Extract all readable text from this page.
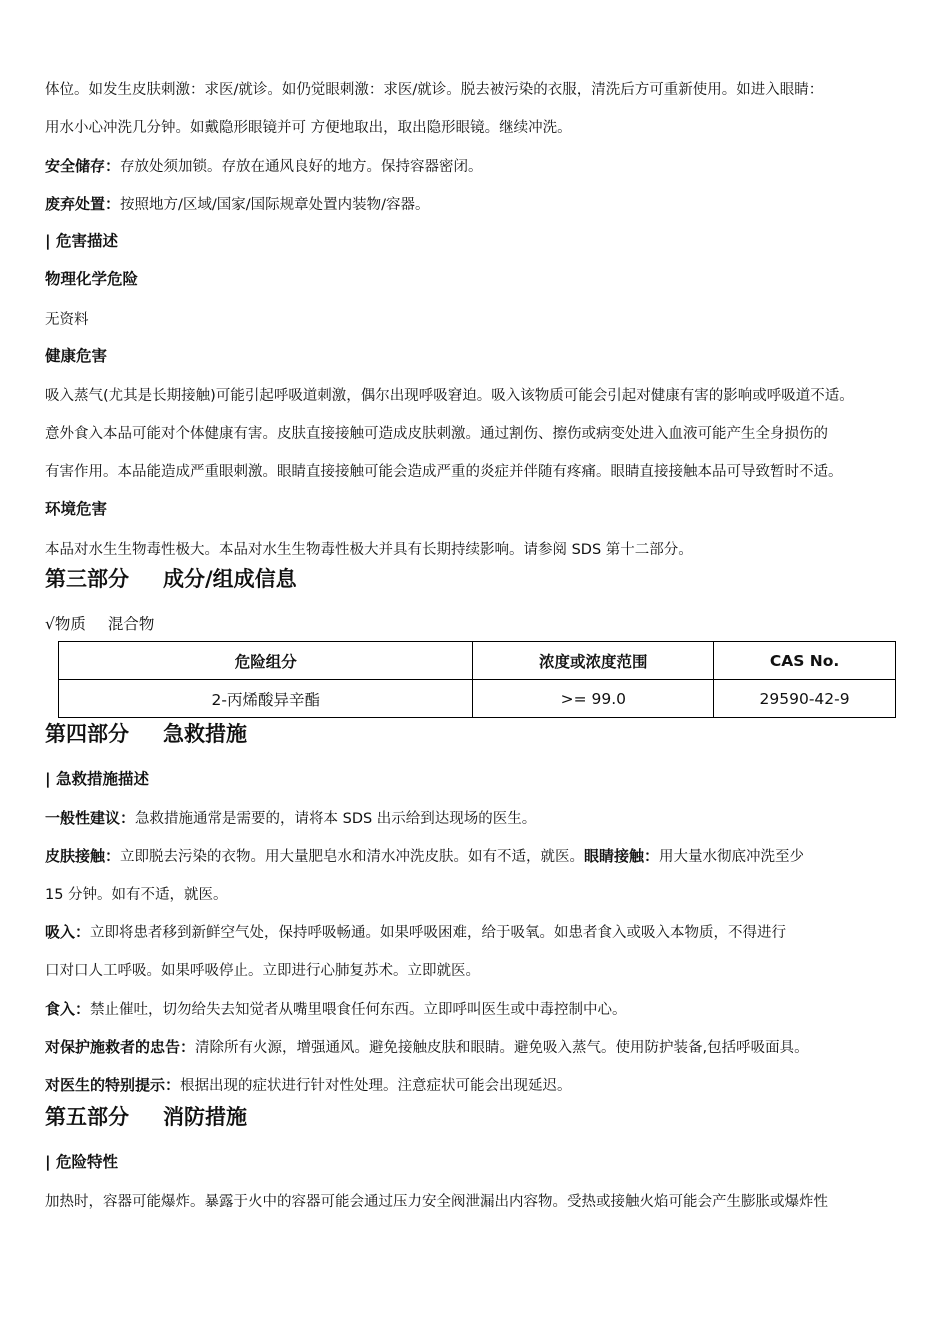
体位。如发生皮肤刺激：求医/就诊。如仍觉眼刺激：求医/就诊。脱去被污染的衣服，清洗后方可重新使用。如进入眼睛：
用水小心冲洗几分钟。如戴隐形眼镜并可 方便地取出，取出隐形眼镜。继续冲洗。
安全储存：存放处须加锁。存放在通风良好的地方。保持容器密闭。
废弃处置：按照地方/区域/国家/国际规章处置内装物/容器。
| 危害描述
物理化学危险
无资料
健康危害
吸入蒸气(尤其是长期接触)可能引起呼吸道刺激，偶尔出现呼吸窘迫。吸入该物质可能会引起对健康有害的影响或呼吸道不适。
意外食入本品可能对个体健康有害。皮肤直接接触可造成皮肤刺激。通过割伤、擦伤或病变处进入血液可能产生全身损伤的
有害作用。本品能造成严重眼刺激。眼睛直接接触可能会造成严重的炎症并伴随有疼痛。眼睛直接接触本品可导致暂时不适。
环境危害
本品对水生生物毒性极大。本品对水生生物毒性极大并具有长期持续影响。请参阅 SDS 第十二部分。
第三部分 成分/组成信息
√物质 混合物
危险组分	浓度或浓度范围	CAS No.
2-丙烯酸异辛酯	>= 99.0	29590-42-9
第四部分 急救措施
| 急救措施描述
一般性建议：急救措施通常是需要的，请将本 SDS 出示给到达现场的医生。
皮肤接触：立即脱去污染的衣物。用大量肥皂水和清水冲洗皮肤。如有不适，就医。眼睛接触：用大量水彻底冲洗至少
15 分钟。如有不适，就医。
吸入：立即将患者移到新鲜空气处，保持呼吸畅通。如果呼吸困难，给于吸氧。如患者食入或吸入本物质，不得进行
口对口人工呼吸。如果呼吸停止。立即进行心肺复苏术。立即就医。
食入：禁止催吐，切勿给失去知觉者从嘴里喂食任何东西。立即呼叫医生或中毒控制中心。
对保护施救者的忠告：清除所有火源，增强通风。避免接触皮肤和眼睛。避免吸入蒸气。使用防护装备,包括呼吸面具。
对医生的特别提示：根据出现的症状进行针对性处理。注意症状可能会出现延迟。
第五部分 消防措施
| 危险特性
加热时，容器可能爆炸。暴露于火中的容器可能会通过压力安全阀泄漏出内容物。受热或接触火焰可能会产生膨胀或爆炸性
